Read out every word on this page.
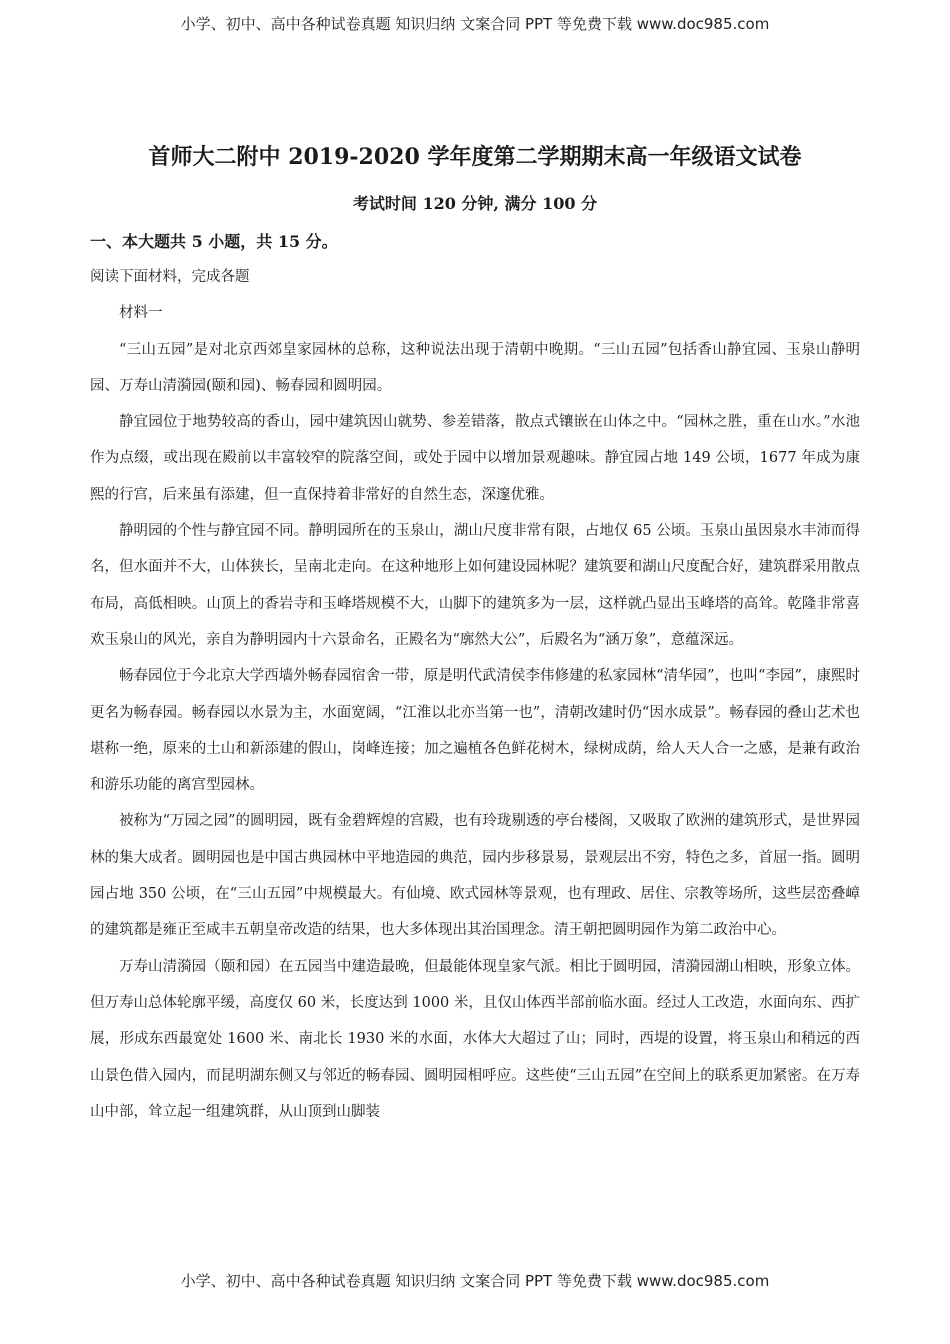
小学、初中、高中各种试卷真题 知识归纳 文案合同 PPT 等免费下载 www.doc985.com
首师大二附中 2019-2020 学年度第二学期期末高一年级语文试卷
考试时间 120 分钟, 满分 100 分
一、本大题共 5 小题，共 15 分。

阅读下面材料，完成各题

材料一

“三山五园”是对北京西郊皇家园林的总称，这种说法出现于清朝中晚期。“三山五园”包括香山静宜园、玉泉山静明园、万寿山清漪园(颐和园)、畅春园和圆明园。

静宜园位于地势较高的香山，园中建筑因山就势、参差错落，散点式镶嵌在山体之中。“园林之胜，重在山水。”水池作为点缀，或出现在殿前以丰富较窄的院落空间，或处于园中以增加景观趣味。静宜园占地 149 公顷，1677 年成为康熙的行宫，后来虽有添建，但一直保持着非常好的自然生态，深邃优雅。

静明园的个性与静宜园不同。静明园所在的玉泉山，湖山尺度非常有限，占地仅 65 公顷。玉泉山虽因泉水丰沛而得名，但水面并不大，山体狭长，呈南北走向。在这种地形上如何建设园林呢？建筑要和湖山尺度配合好，建筑群采用散点布局，高低相映。山顶上的香岩寺和玉峰塔规模不大，山脚下的建筑多为一层，这样就凸显出玉峰塔的高耸。乾隆非常喜欢玉泉山的风光，亲自为静明园内十六景命名，正殿名为“廓然大公”，后殿名为“涵万象”，意蕴深远。

畅春园位于今北京大学西墙外畅春园宿舍一带，原是明代武清侯李伟修建的私家园林“清华园”，也叫“李园”，康熙时更名为畅春园。畅春园以水景为主，水面宽阔，“江淮以北亦当第一也”，清朝改建时仍“因水成景”。畅春园的叠山艺术也堪称一绝，原来的土山和新添建的假山，岗峰连接；加之遍植各色鲜花树木，绿树成荫，给人天人合一之感，是兼有政治和游乐功能的离宫型园林。

被称为“万园之园”的圆明园，既有金碧辉煌的宫殿，也有玲珑剔透的亭台楼阁，又吸取了欧洲的建筑形式，是世界园林的集大成者。圆明园也是中国古典园林中平地造园的典范，园内步移景易，景观层出不穷，特色之多，首屈一指。圆明园占地 350 公顷，在“三山五园”中规模最大。有仙境、欧式园林等景观，也有理政、居住、宗教等场所，这些层峦叠嶂的建筑都是雍正至咸丰五朝皇帝改造的结果，也大多体现出其治国理念。清王朝把圆明园作为第二政治中心。

万寿山清漪园（颐和园）在五园当中建造最晚，但最能体现皇家气派。相比于圆明园，清漪园湖山相映，形象立体。但万寿山总体轮廓平缓，高度仅 60 米，长度达到 1000 米，且仅山体西半部前临水面。经过人工改造，水面向东、西扩展，形成东西最宽处 1600 米、南北长 1930 米的水面，水体大大超过了山；同时，西堤的设置，将玉泉山和稍远的西山景色借入园内，而昆明湖东侧又与邻近的畅春园、圆明园相呼应。这些使“三山五园”在空间上的联系更加紧密。在万寿山中部，耸立起一组建筑群，从山顶到山脚装

小学、初中、高中各种试卷真题 知识归纳 文案合同 PPT 等免费下载 www.doc985.com
